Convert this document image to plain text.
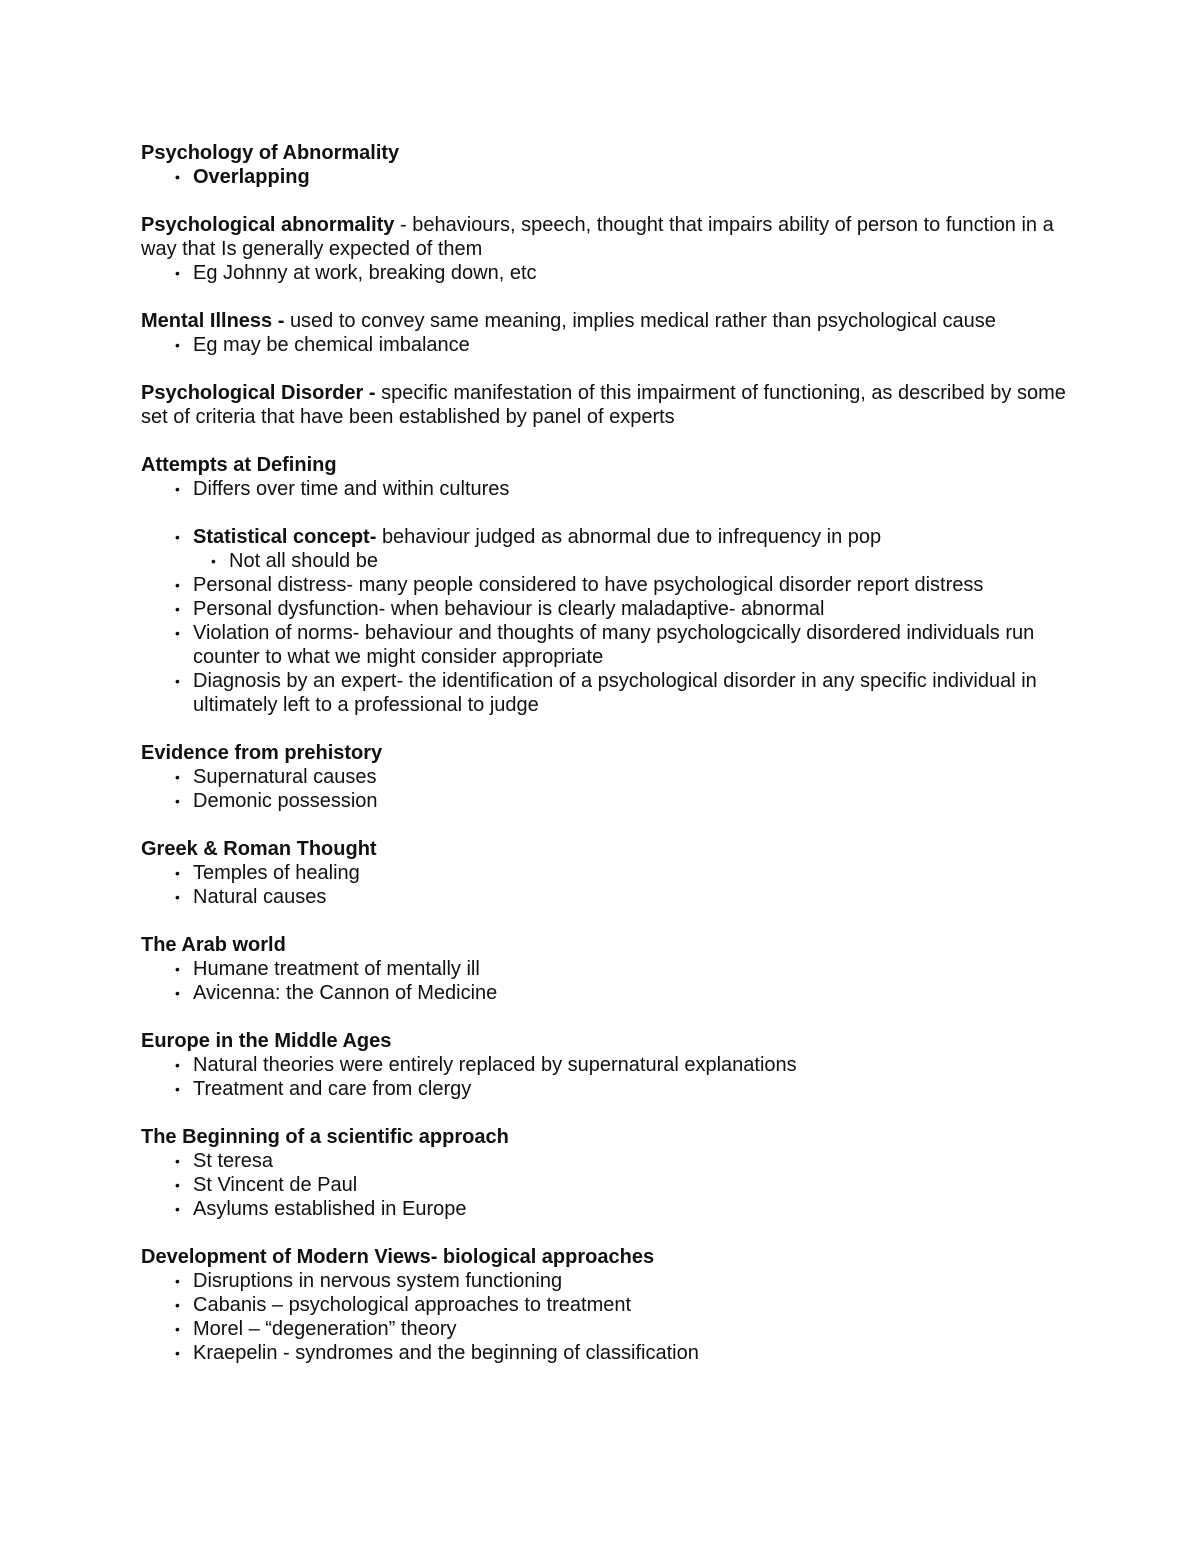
Psychology of Abnormality
• Overlapping

Psychological abnormality - behaviours, speech, thought that impairs ability of person to function in a way that Is generally expected of them

• Eg Johnny at work, breaking down, etc

Mental Illness - used to convey same meaning, implies medical rather than psychological cause

• Eg may be chemical imbalance

Psychological Disorder - specific manifestation of this impairment of functioning, as described by some set of criteria that have been established by panel of experts

Attempts at Defining
• Differs over time and within cultures
• Statistical concept- behaviour judged as abnormal due to infrequency in pop
• Not all should be
• Personal distress- many people considered to have psychological disorder report distress
• Personal dysfunction- when behaviour is clearly maladaptive- abnormal
• Violation of norms- behaviour and thoughts of many psychologcically disordered individuals run counter to what we might consider appropriate
• Diagnosis by an expert- the identification of a psychological disorder in any specific individual in ultimately left to a professional to judge
Evidence from prehistory
• Supernatural causes
• Demonic possession
Greek & Roman Thought
• Temples of healing
• Natural causes
The Arab world
• Humane treatment of mentally ill
• Avicenna: the Cannon of Medicine
Europe in the Middle Ages
• Natural theories were entirely replaced by supernatural explanations
• Treatment and care from clergy
The Beginning of a scientific approach
• St teresa
• St Vincent de Paul
• Asylums established in Europe
Development of Modern Views- biological approaches
• Disruptions in nervous system functioning
• Cabanis – psychological approaches to treatment
• Morel – “degeneration” theory
• Kraepelin - syndromes and the beginning of classification
